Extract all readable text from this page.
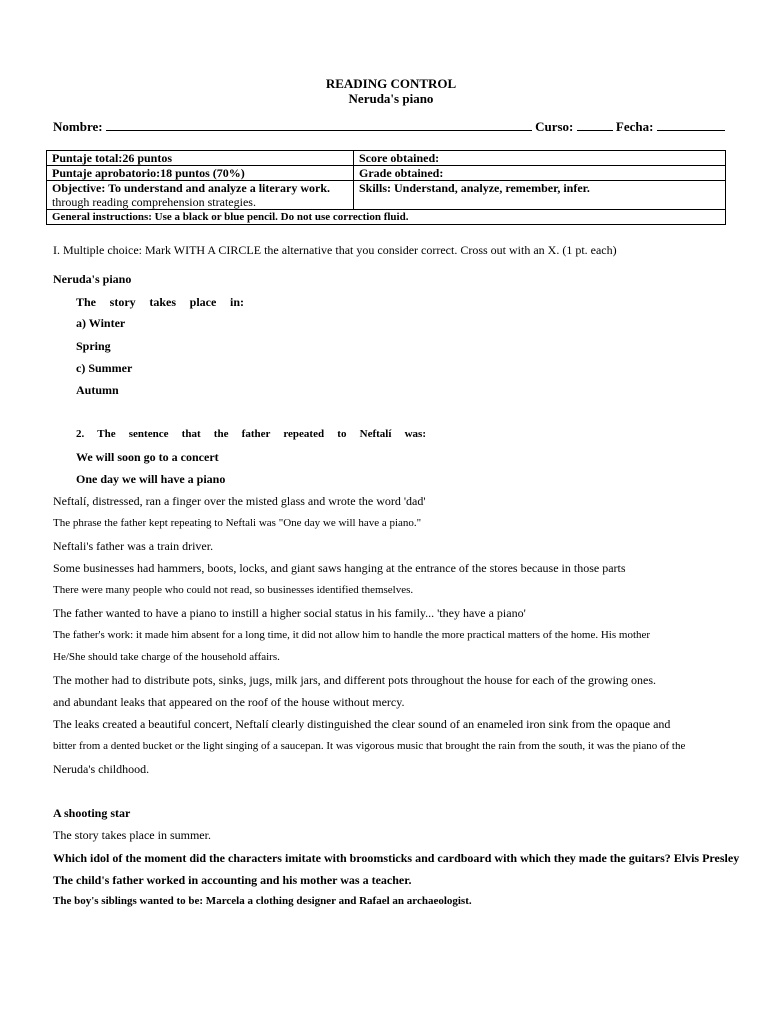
READING CONTROL
Neruda's piano
Nombre:	Curso:	Fecha:
Puntaje total:26 puntos	Score obtained:
Puntaje aprobatorio:18 puntos (70%)	Grade obtained:

Objective: To understand and analyze a literary work.
through reading comprehension strategies.	Skills: Understand, analyze, remember, infer.
General instructions: Use a black or blue pencil. Do not use correction fluid.	
I. Multiple choice: Mark WITH A CIRCLE the alternative that you consider correct. Cross out with an X. (1 pt. each)
Neruda's piano
The story takes place in:
a) Winter
Spring
c) Summer
Autumn
2. The sentence that the father repeated to Neftalí was:
We will soon go to a concert
One day we will have a piano
Neftalí, distressed, ran a finger over the misted glass and wrote the word 'dad'
The phrase the father kept repeating to Neftali was "One day we will have a piano."
Neftali's father was a train driver.
Some businesses had hammers, boots, locks, and giant saws hanging at the entrance of the stores because in those parts
There were many people who could not read, so businesses identified themselves.
The father wanted to have a piano to instill a higher social status in his family... 'they have a piano'
The father's work: it made him absent for a long time, it did not allow him to handle the more practical matters of the home. His mother
He/She should take charge of the household affairs.
The mother had to distribute pots, sinks, jugs, milk jars, and different pots throughout the house for each of the growing ones.
and abundant leaks that appeared on the roof of the house without mercy.
The leaks created a beautiful concert, Neftalí clearly distinguished the clear sound of an enameled iron sink from the opaque and
bitter from a dented bucket or the light singing of a saucepan. It was vigorous music that brought the rain from the south, it was the piano of the
Neruda's childhood.
A shooting star
The story takes place in summer.
Which idol of the moment did the characters imitate with broomsticks and cardboard with which they made the guitars? Elvis Presley
The child's father worked in accounting and his mother was a teacher.
The boy's siblings wanted to be: Marcela a clothing designer and Rafael an archaeologist.
